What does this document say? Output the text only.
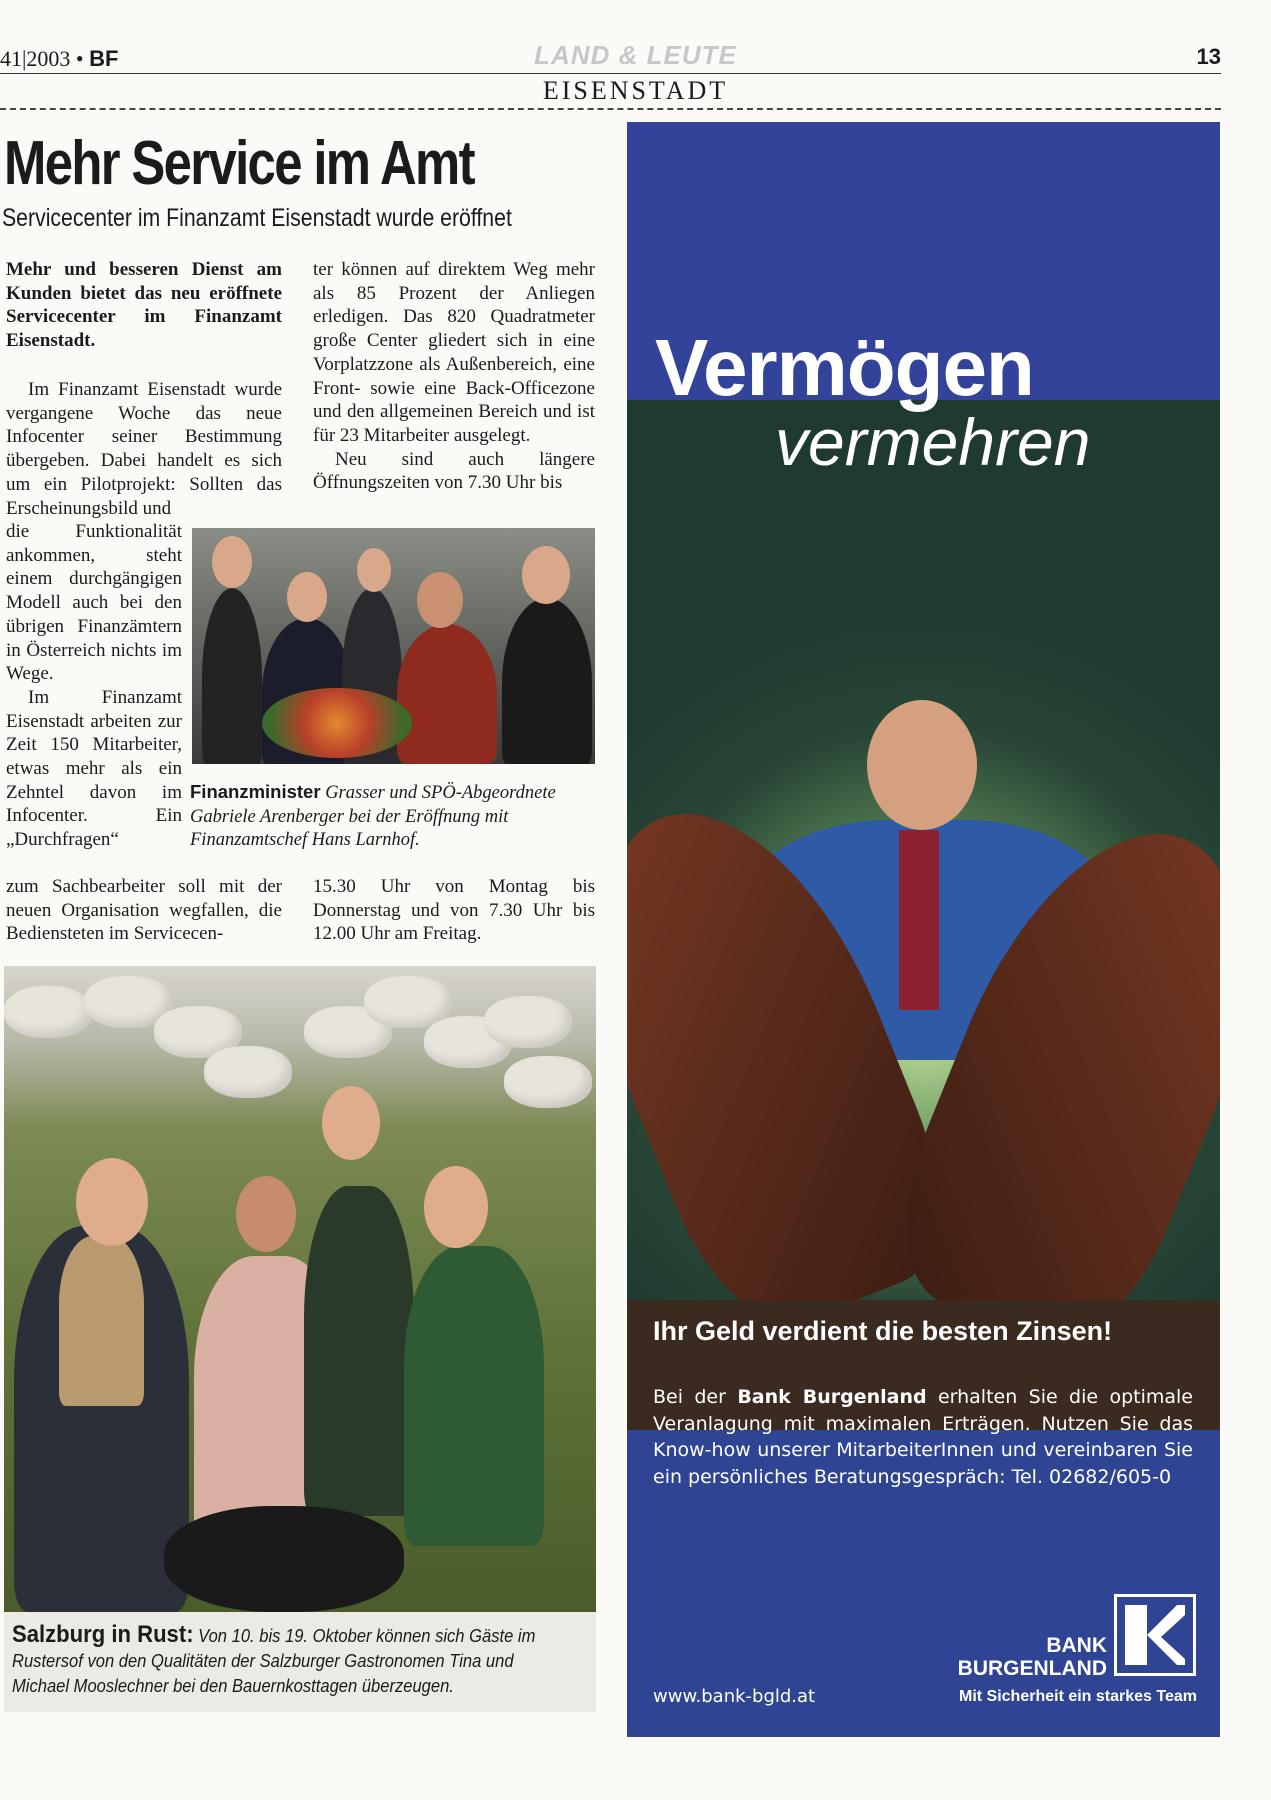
41|2003 • BF	LAND & LEUTE	13
EISENSTADT
Mehr Service im Amt
Servicecenter im Finanzamt Eisenstadt wurde eröffnet
Mehr und besseren Dienst am Kunden bietet das neu eröffnete Servicecenter im Finanzamt Eisenstadt.
Im Finanzamt Eisenstadt wurde vergangene Woche das neue Infocenter seiner Bestimmung übergeben. Dabei handelt es sich um ein Pilotprojekt: Sollten das Erscheinungsbild und
die Funktionalität ankommen, steht einem durchgängigen Modell auch bei den übrigen Finanzämtern in Österreich nichts im Wege.
Im Finanzamt Eisenstadt arbeiten zur Zeit 150 Mitarbeiter, etwas mehr als ein Zehntel davon im Infocenter. Ein „Durchfragen“
zum Sachbearbeiter soll mit der neuen Organisation wegfallen, die Bediensteten im Servicecen-
ter können auf direktem Weg mehr als 85 Prozent der Anliegen erledigen. Das 820 Quadratmeter große Center gliedert sich in eine Vorplatzzone als Außenbereich, eine Front- sowie eine Back-Officezone und den allgemeinen Bereich und ist für 23 Mitarbeiter ausgelegt.
Neu sind auch längere Öffnungszeiten von 7.30 Uhr bis
15.30 Uhr von Montag bis Donnerstag und von 7.30 Uhr bis 12.00 Uhr am Freitag.
Finanzminister Grasser und SPÖ-Abgeordnete Gabriele Arenberger bei der Eröffnung mit Finanzamtschef Hans Larnhof.
Salzburg in Rust: Von 10. bis 19. Oktober können sich Gäste im Rustersof von den Qualitäten der Salzburger Gastronomen Tina und Michael Mooslechner bei den Bauernkosttagen überzeugen.
Vermögen
vermehren
Ihr Geld verdient die besten Zinsen!
Bei der Bank Burgenland erhalten Sie die optimale Veranlagung mit maximalen Erträgen. Nutzen Sie das Know-how unserer MitarbeiterInnen und vereinbaren Sie ein persönliches Beratungsgespräch: Tel. 02682/605-0
BANK
BURGENLAND
www.bank-bgld.at	Mit Sicherheit ein starkes Team
